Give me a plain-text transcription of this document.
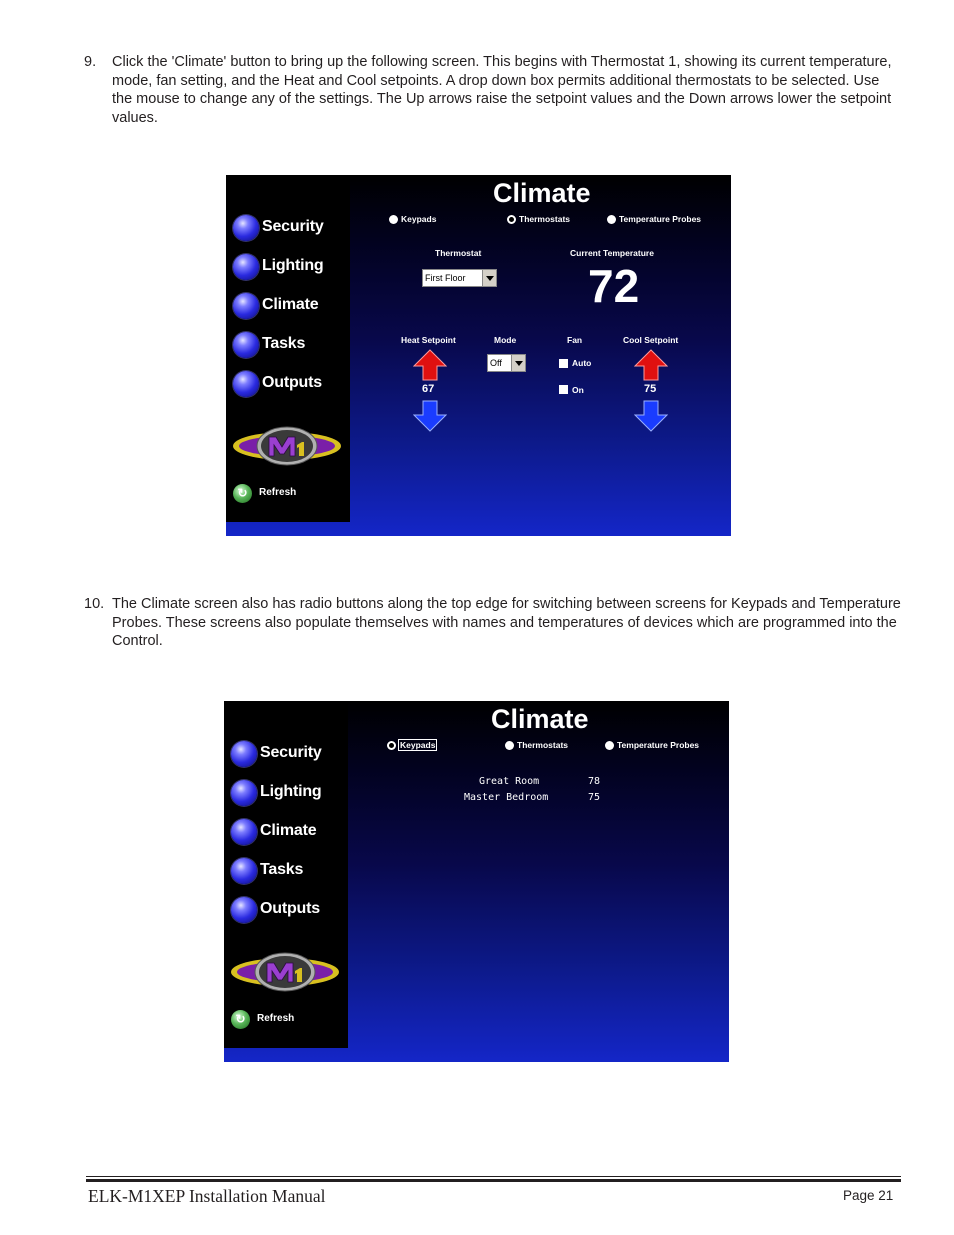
9. Click the 'Climate' button to bring up the following screen. This begins with Thermostat 1, showing its current temperature, mode, fan setting, and the Heat and Cool setpoints. A drop down box permits additional thermostats to be selected. Use the mouse to change any of the settings. The Up arrows raise the setpoint values and the Down arrows lower the setpoint values.
Security
Lighting
Climate
Tasks
Outputs
↻	Refresh
Climate
Keypads	Thermostats	Temperature Probes
Thermostat
First Floor
Current Temperature
72
Heat Setpoint
67
Mode
Off
Fan
Auto
On
Cool Setpoint
75
10. The Climate screen also has radio buttons along the top edge for switching between screens for Keypads and Temperature Probes. These screens also populate themselves with names and temperatures of devices which are programmed into the Control.
Security
Lighting
Climate
Tasks
Outputs
↻	Refresh
Climate
Keypads	Thermostats	Temperature Probes
Great Room	78
Master Bedroom	75
ELK-M1XEP Installation Manual	Page 21
